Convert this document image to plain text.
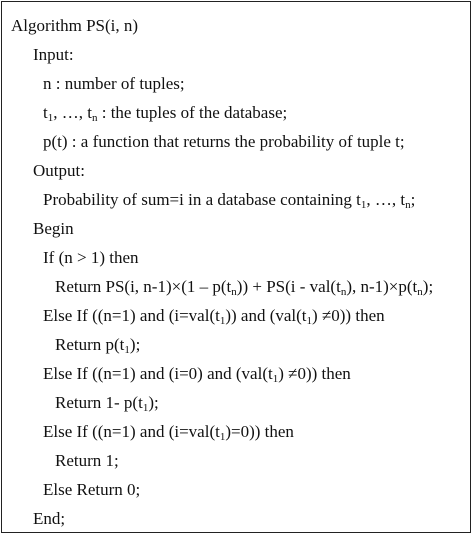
Algorithm PS(i, n)
Input:
n : number of tuples;
$t_1$, …, $t_n$ : the tuples of the database;
p(t) : a function that returns the probability of tuple t;
Output:
Probability of sum=i in a database containing $t_1$, …, $t_n$;
Begin
If (n > 1) then
Return PS(i, $n-1)\times(1 - p(t_n)) + PS(i - val(t_n)$, $n-1)\times p(t_n)$;
Else If ((n=1) and $(i=val(t_1))$ and $(val(t_1) \ne 0)$) then
Return $p(t_1)$;
Else If ((n=1) and (i=0) and $(val(t_1) \ne 0)$) then
Return 1- $p(t_1)$;
Else If ((n=1) and $(i=val(t_1)=0)$) then
Return 1;
Else Return 0;
End;
